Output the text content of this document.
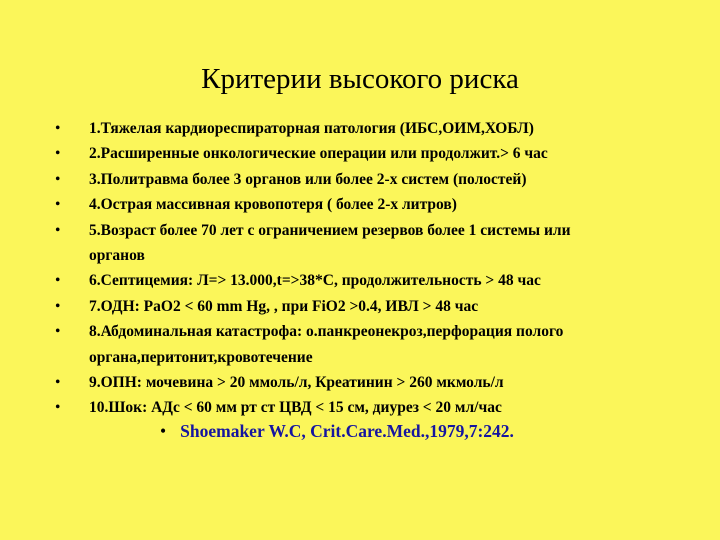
Критерии высокого риска
• 1.Тяжелая кардиореспираторная патология (ИБС,ОИМ,ХОБЛ)
• 2.Расширенные онкологические операции или продолжит.> 6 час
• 3.Политравма более 3 органов или более 2-х систем (полостей)
• 4.Острая массивная кровопотеря ( более 2-х литров)
• 5.Возраст более 70 лет с ограничением резервов более 1 системы или
органов
• 6.Септицемия: Л=> 13.000,t=>38*С, продолжительность > 48 час
• 7.ОДН: РаО2 < 60 mm Hg, , при FiO2 >0.4, ИВЛ > 48 час
• 8.Абдоминальная катастрофа: о.панкреонекроз,перфорация полого
органа,перитонит,кровотечение
• 9.ОПН: мочевина > 20 ммоль/л, Креатинин > 260 мкмоль/л
• 10.Шок: АДс < 60 мм рт ст ЦВД < 15 см, диурез < 20 мл/час
• Shoemaker W.C, Crit.Care.Med.,1979,7:242.
